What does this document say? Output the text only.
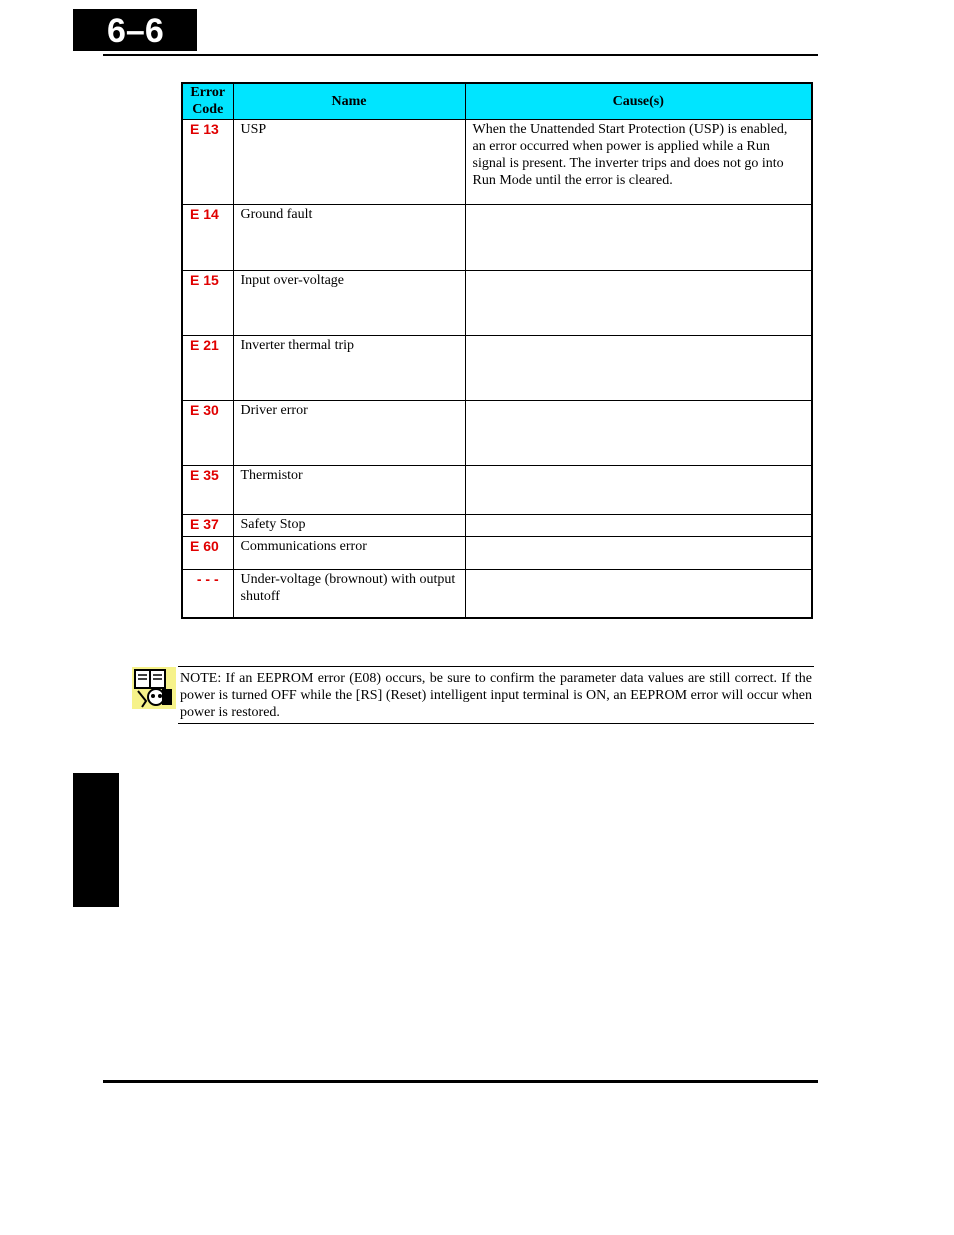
6–6
Error Code	Name	Cause(s)
E 13	USP	When the Unattended Start Protection (USP) is enabled, an error occurred when power is applied while a Run signal is present. The inverter trips and does not go into Run Mode until the error is cleared.
E 14	Ground fault	
E 15	Input over-voltage	
E 21	Inverter thermal trip	
E 30	Driver error	
E 35	Thermistor	
E 37	Safety Stop	
E 60	Communications error	
- - -	Under-voltage (brownout) with output shutoff	
NOTE: If an EEPROM error (E08) occurs, be sure to confirm the parameter data values are still correct. If the power is turned OFF while the [RS] (Reset) intelligent input terminal is ON, an EEPROM error will occur when power is restored.
